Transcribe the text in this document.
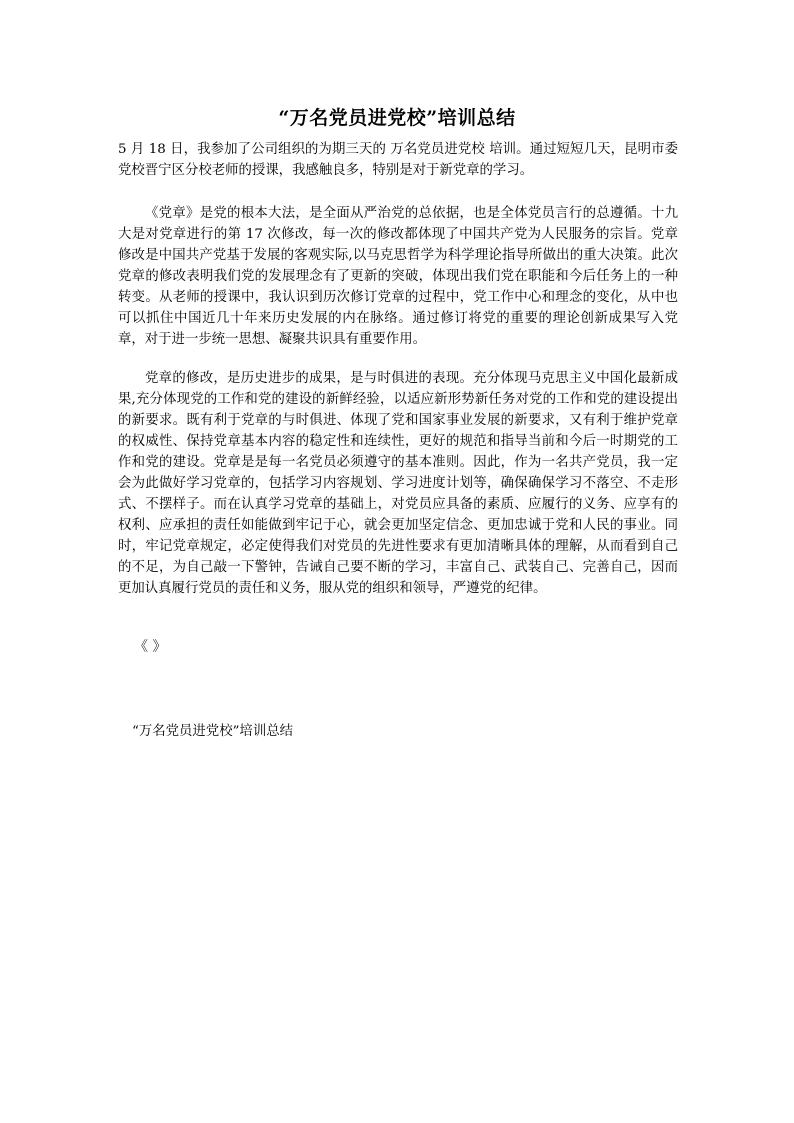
“万名党员进党校”培训总结

5 月 18 日，我参加了公司组织的为期三天的 万名党员进党校 培训。通过短短几天，昆明市委党校晋宁区分校老师的授课，我感触良多，特别是对于新党章的学习。

《党章》是党的根本大法，是全面从严治党的总依据，也是全体党员言行的总遵循。十九大是对党章进行的第 17 次修改，每一次的修改都体现了中国共产党为人民服务的宗旨。党章修改是中国共产党基于发展的客观实际,以马克思哲学为科学理论指导所做出的重大决策。此次党章的修改表明我们党的发展理念有了更新的突破，体现出我们党在职能和今后任务上的一种转变。从老师的授课中，我认识到历次修订党章的过程中，党工作中心和理念的变化，从中也可以抓住中国近几十年来历史发展的内在脉络。通过修订将党的重要的理论创新成果写入党章，对于进一步统一思想、凝聚共识具有重要作用。

党章的修改，是历史进步的成果，是与时俱进的表现。充分体现马克思主义中国化最新成果,充分体现党的工作和党的建设的新鲜经验，以适应新形势新任务对党的工作和党的建设提出的新要求。既有利于党章的与时俱进、体现了党和国家事业发展的新要求，又有利于维护党章的权威性、保持党章基本内容的稳定性和连续性，更好的规范和指导当前和今后一时期党的工作和党的建设。党章是是每一名党员必须遵守的基本准则。因此，作为一名共产党员，我一定会为此做好学习党章的，包括学习内容规划、学习进度计划等，确保确保学习不落空、不走形式、不摆样子。而在认真学习党章的基础上，对党员应具备的素质、应履行的义务、应享有的权利、应承担的责任如能做到牢记于心，就会更加坚定信念、更加忠诚于党和人民的事业。同时，牢记党章规定，必定使得我们对党员的先进性要求有更加清晰具体的理解，从而看到自己的不足，为自己敲一下警钟，告诫自己要不断的学习，丰富自己、武装自己、完善自己，因而更加认真履行党员的责任和义务，服从党的组织和领导，严遵党的纪律。

《 》
“万名党员进党校”培训总结
